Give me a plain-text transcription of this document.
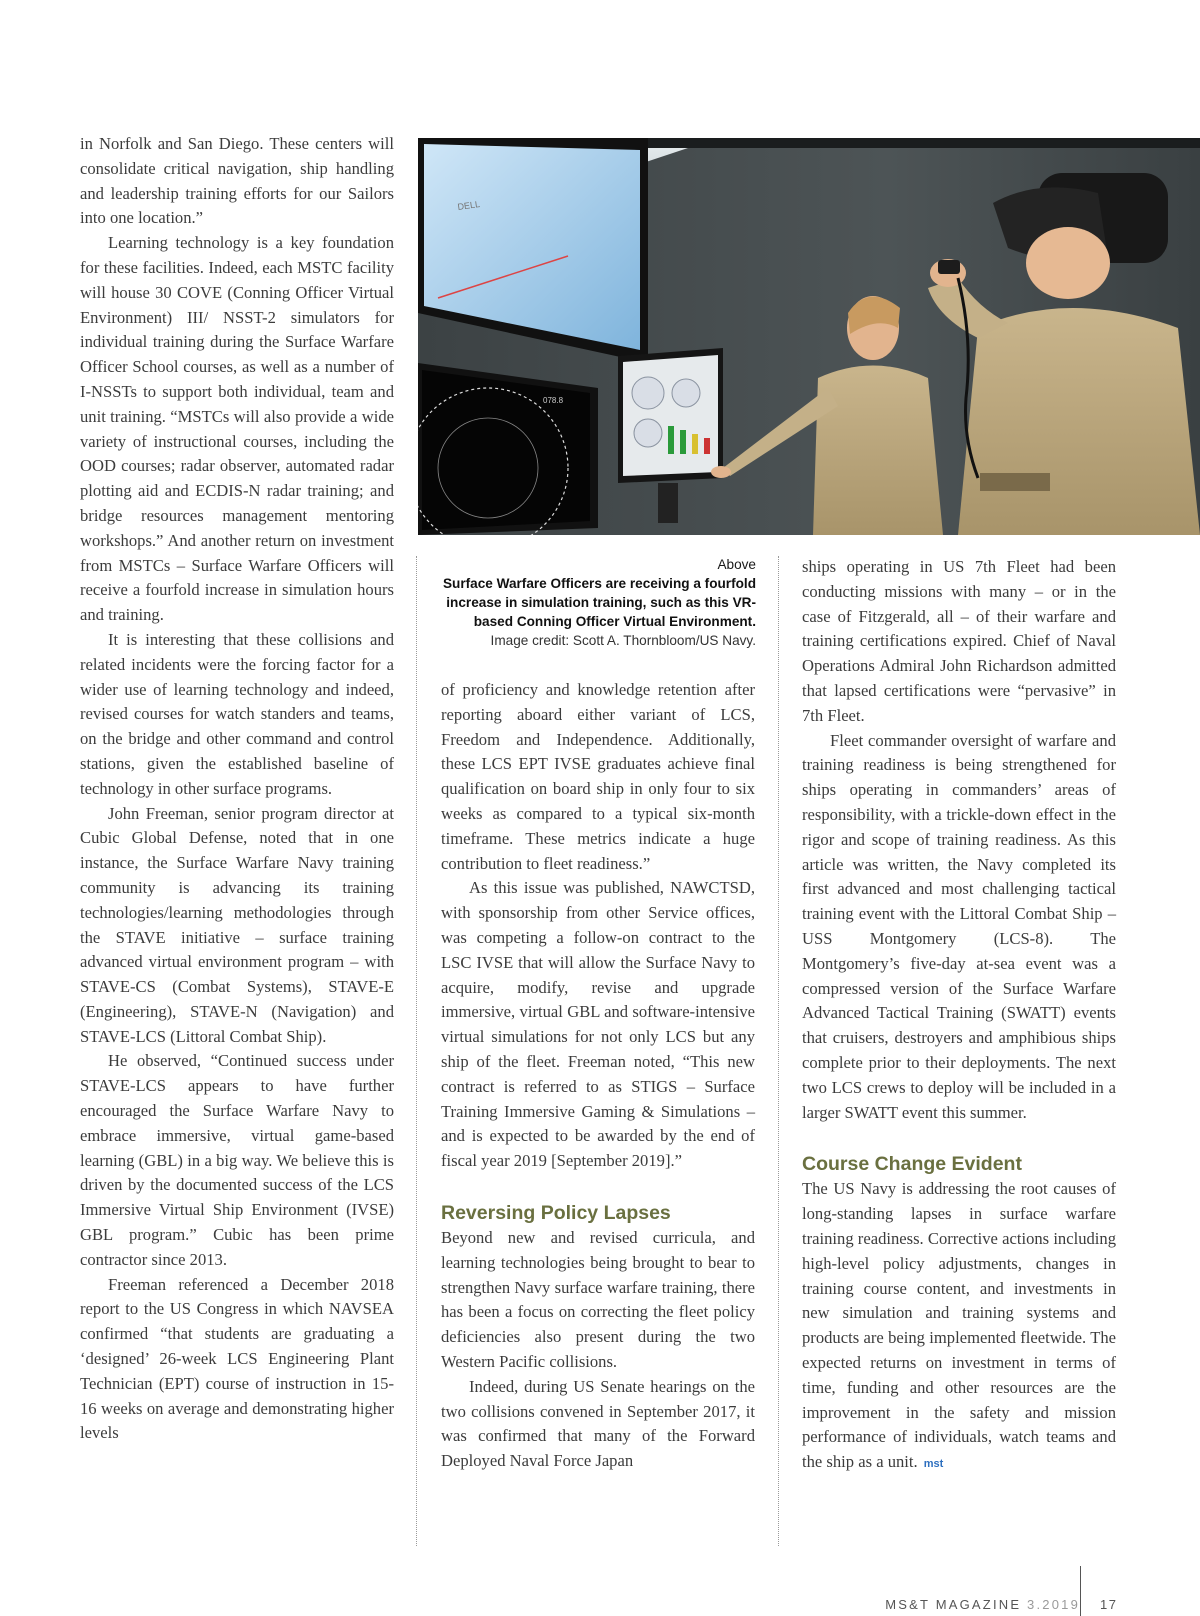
in Norfolk and San Diego. These centers will consolidate critical navigation, ship handling and leadership training efforts for our Sailors into one location.”

Learning technology is a key foundation for these facilities. Indeed, each MSTC facility will house 30 COVE (Conning Officer Virtual Environment) III/ NSST-2 simulators for individual training during the Surface Warfare Officer School courses, as well as a number of I-NSSTs to support both individual, team and unit training. “MSTCs will also provide a wide variety of instructional courses, including the OOD courses; radar observer, automated radar plotting aid and ECDIS-N radar training; and bridge resources management mentoring workshops.” And another return on investment from MSTCs – Surface Warfare Officers will receive a fourfold increase in simulation hours and training.

It is interesting that these collisions and related incidents were the forcing factor for a wider use of learning technology and indeed, revised courses for watch standers and teams, on the bridge and other command and control stations, given the established baseline of technology in other surface programs.

John Freeman, senior program director at Cubic Global Defense, noted that in one instance, the Surface Warfare Navy training community is advancing its training technologies/learning methodologies through the STAVE initiative – surface training advanced virtual environment program – with STAVE-CS (Combat Systems), STAVE-E (Engineering), STAVE-N (Navigation) and STAVE-LCS (Littoral Combat Ship).

He observed, “Continued success under STAVE-LCS appears to have further encouraged the Surface Warfare Navy to embrace immersive, virtual game-based learning (GBL) in a big way. We believe this is driven by the documented success of the LCS Immersive Virtual Ship Environment (IVSE) GBL program.” Cubic has been prime contractor since 2013.

Freeman referenced a December 2018 report to the US Congress in which NAVSEA confirmed “that students are graduating a ‘designed’ 26-week LCS Engineering Plant Technician (EPT) course of instruction in 15-16 weeks on average and demonstrating higher levels

078.8
DELL
Above
Surface Warfare Officers are receiving a fourfold increase in simulation training, such as this VR-based Conning Officer Virtual Environment.
Image credit: Scott A. Thornbloom/US Navy.

of proficiency and knowledge retention after reporting aboard either variant of LCS, Freedom and Independence. Additionally, these LCS EPT IVSE graduates achieve final qualification on board ship in only four to six weeks as compared to a typical six-month timeframe. These metrics indicate a huge contribution to fleet readiness.”

As this issue was published, NAWCTSD, with sponsorship from other Service offices, was competing a follow-on contract to the LSC IVSE that will allow the Surface Navy to acquire, modify, revise and upgrade immersive, virtual GBL and software-intensive virtual simulations for not only LCS but any ship of the fleet. Freeman noted, “This new contract is referred to as STIGS – Surface Training Immersive Gaming & Simulations – and is expected to be awarded by the end of fiscal year 2019 [September 2019].”

Reversing Policy Lapses

Beyond new and revised curricula, and learning technologies being brought to bear to strengthen Navy surface warfare training, there has been a focus on correcting the fleet policy deficiencies also present during the two Western Pacific collisions.

Indeed, during US Senate hearings on the two collisions convened in September 2017, it was confirmed that many of the Forward Deployed Naval Force Japan

ships operating in US 7th Fleet had been conducting missions with many – or in the case of Fitzgerald, all – of their warfare and training certifications expired. Chief of Naval Operations Admiral John Richardson admitted that lapsed certifications were “pervasive” in 7th Fleet.

Fleet commander oversight of warfare and training readiness is being strengthened for ships operating in commanders’ areas of responsibility, with a trickle-down effect in the rigor and scope of training readiness. As this article was written, the Navy completed its first advanced and most challenging tactical training event with the Littoral Combat Ship – USS Montgomery (LCS-8). The Montgomery’s five-day at-sea event was a compressed version of the Surface Warfare Advanced Tactical Training (SWATT) events that cruisers, destroyers and amphibious ships complete prior to their deployments. The next two LCS crews to deploy will be included in a larger SWATT event this summer.

Course Change Evident

The US Navy is addressing the root causes of long-standing lapses in surface warfare training readiness. Corrective actions including high-level policy adjustments, changes in training course content, and investments in new simulation and training systems and products are being implemented fleetwide. The expected returns on investment in terms of time, funding and other resources are the improvement in the safety and mission performance of individuals, watch teams and the ship as a unit. mst

MS&T MAGAZINE 3.2019 17
